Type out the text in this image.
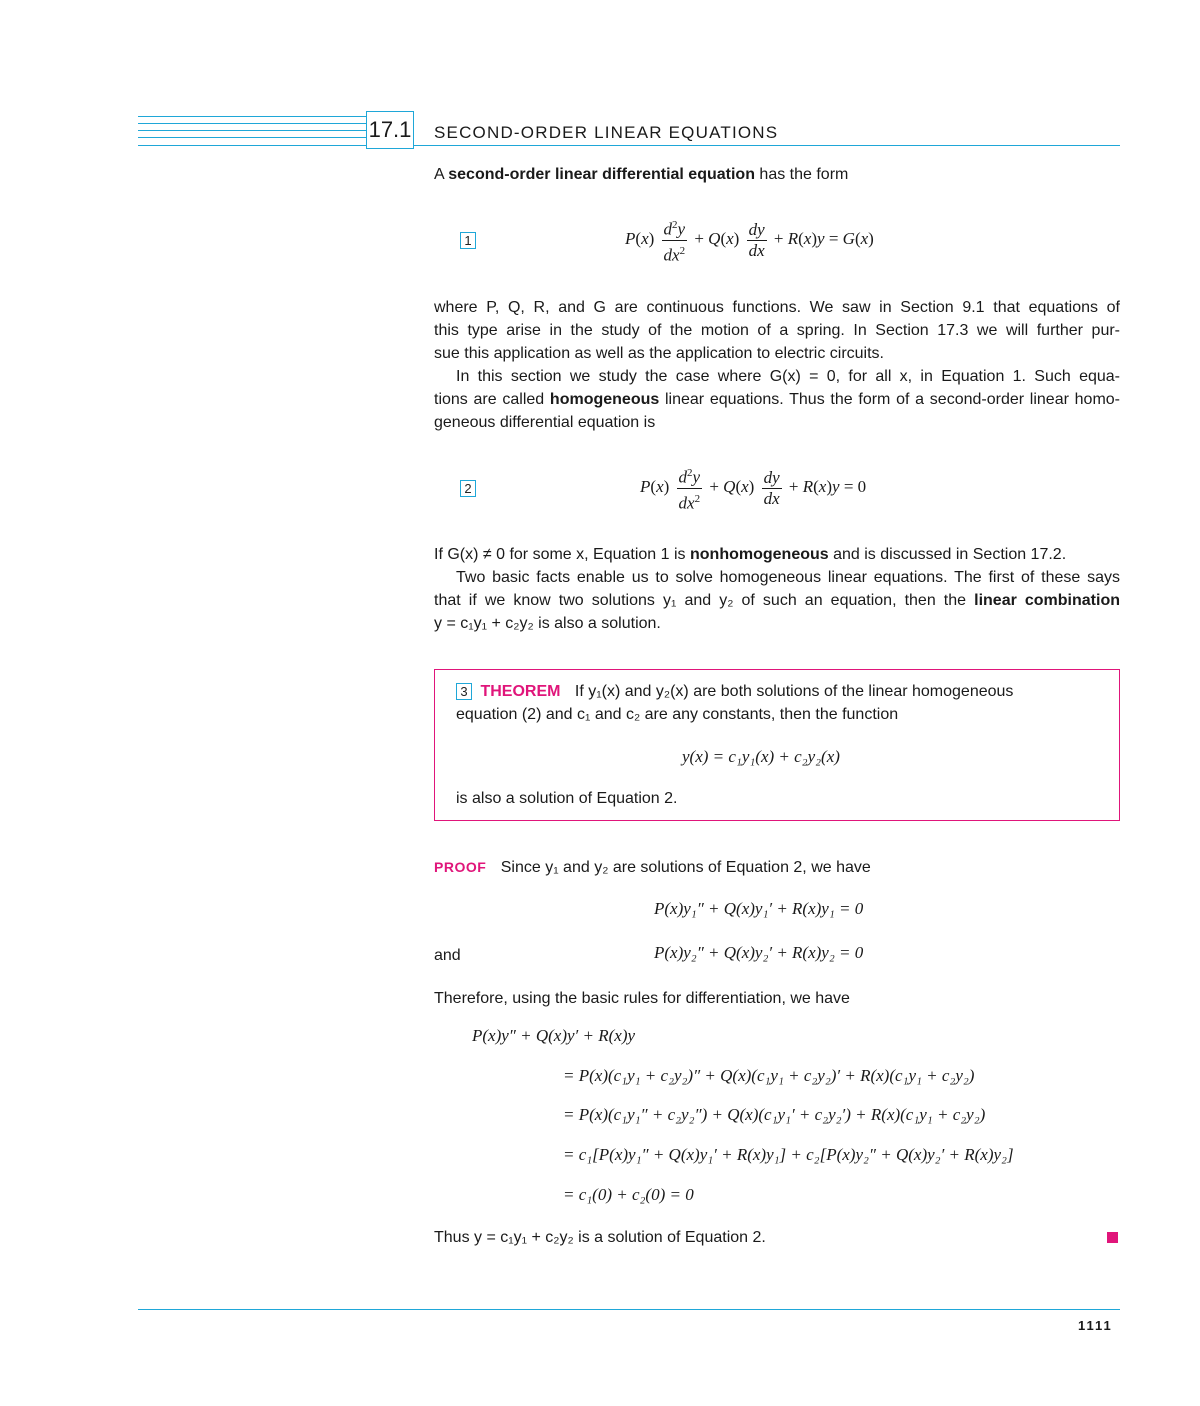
17.1 SECOND-ORDER LINEAR EQUATIONS
A second-order linear differential equation has the form
1	$P(x) \frac{d^2y}{dx^2} + Q(x) \frac{dy}{dx} + R(x)y = G(x)$
where P, Q, R, and G are continuous functions. We saw in Section 9.1 that equations of
this type arise in the study of the motion of a spring. In Section 17.3 we will further pur-
sue this application as well as the application to electric circuits.
In this section we study the case where G(x) = 0, for all x, in Equation 1. Such equa-
tions are called homogeneous linear equations. Thus the form of a second-order linear homo-
geneous differential equation is
2	$P(x) \frac{d^2y}{dx^2} + Q(x) \frac{dy}{dx} + R(x)y = 0$
If G(x) ≠ 0 for some x, Equation 1 is nonhomogeneous and is discussed in Section 17.2.
Two basic facts enable us to solve homogeneous linear equations. The first of these says
that if we know two solutions y₁ and y₂ of such an equation, then the linear combination
y = c₁y₁ + c₂y₂ is also a solution.
3 THEOREM If y₁(x) and y₂(x) are both solutions of the linear homogeneous
equation (2) and c₁ and c₂ are any constants, then the function
y(x) = c₁y₁(x) + c₂y₂(x)
is also a solution of Equation 2.
PROOF Since y₁ and y₂ are solutions of Equation 2, we have
P(x)y₁″ + Q(x)y₁′ + R(x)y₁ = 0
and	P(x)y₂″ + Q(x)y₂′ + R(x)y₂ = 0
Therefore, using the basic rules for differentiation, we have
P(x)y″ + Q(x)y′ + R(x)y
= P(x)(c₁y₁ + c₂y₂)″ + Q(x)(c₁y₁ + c₂y₂)′ + R(x)(c₁y₁ + c₂y₂)
= P(x)(c₁y₁″ + c₂y₂″) + Q(x)(c₁y₁′ + c₂y₂′) + R(x)(c₁y₁ + c₂y₂)
= c₁[P(x)y₁″ + Q(x)y₁′ + R(x)y₁] + c₂[P(x)y₂″ + Q(x)y₂′ + R(x)y₂]
= c₁(0) + c₂(0) = 0
Thus y = c₁y₁ + c₂y₂ is a solution of Equation 2.
1111
